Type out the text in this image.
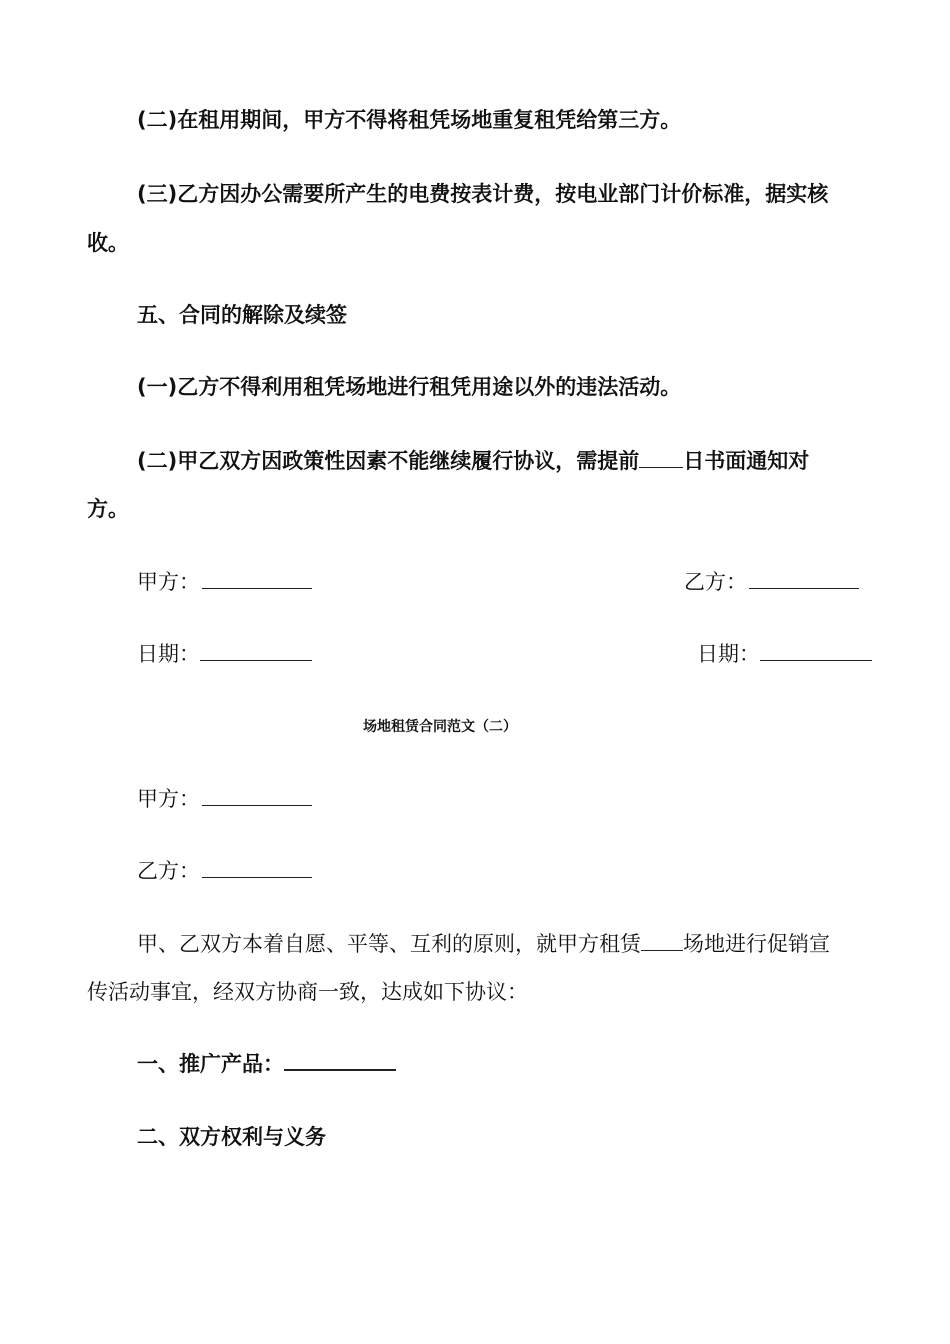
(二)在租用期间，甲方不得将租凭场地重复租凭给第三方。
(三)乙方因办公需要所产生的电费按表计费，按电业部门计价标准，据实核
收。
五、合同的解除及续签
(一)乙方不得利用租凭场地进行租凭用途以外的违法活动。
(二)甲乙双方因政策性因素不能继续履行协议，需提前 日书面通知对
方。
甲方：	乙方：
日期：	日期：
场地租赁合同范文（二）
甲方：
乙方：
甲、乙双方本着自愿、平等、互利的原则，就甲方租赁 场地进行促销宣
传活动事宜，经双方协商一致，达成如下协议：
一、推广产品：
二、双方权利与义务
